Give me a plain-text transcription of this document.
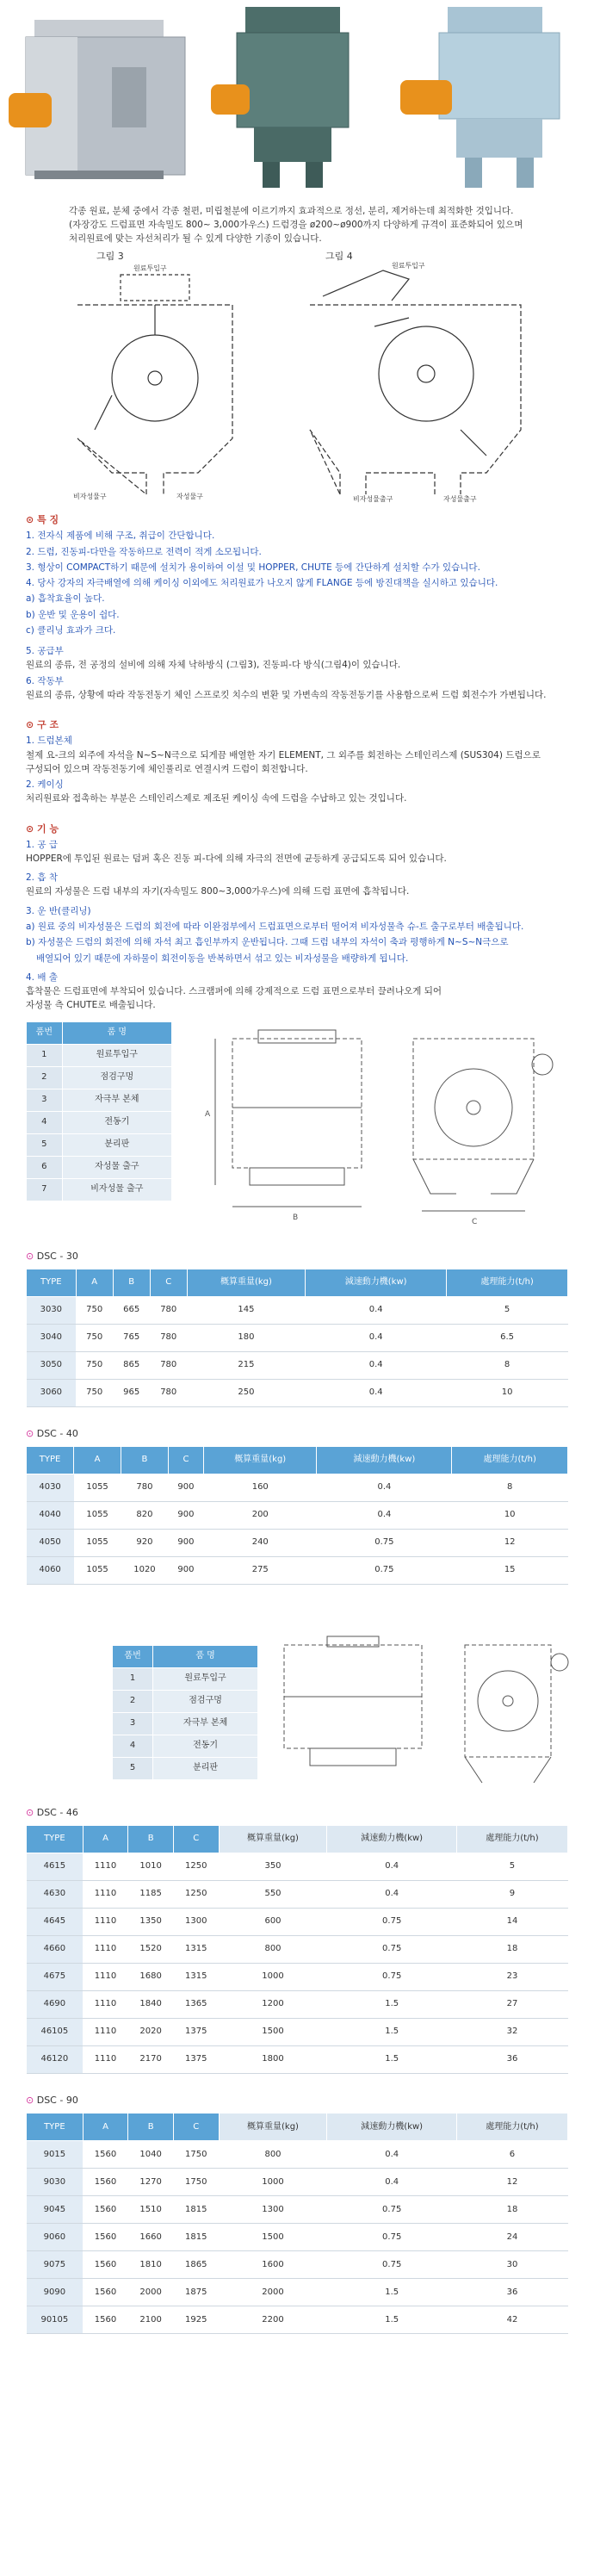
각종 원료, 분체 중에서 각종 철편, 미립철분에 이르기까지 효과적으로 정선, 분리, 제거하는데 최적화한 것입니다.

(자장강도 드럼표면 자속밀도 800~ 3,000가우스) 드럼경을 ø200~ø900까지 다양하게 규격이 표준화되어 있으며

처리원료에 맞는 자선처리가 될 수 있게 다양한 기종이 있습니다.

그림 3	그림 4
원료투입구
비자성물구	자성물구
원료투입구
비자성물출구	자성물출구
⊙ 특 징

1. 전자식 제품에 비해 구조, 취급이 간단합니다.

2. 드럼, 진동피-다만을 작동하므로 전력이 적게 소모됩니다.

3. 형상이 COMPACT하기 때문에 설치가 용이하여 이설 및 HOPPER, CHUTE 등에 간단하게 설치할 수가 있습니다.

4. 당사 강자의 자극배열에 의해 케이싱 이외에도 처리원료가 나오지 않게 FLANGE 등에 방진대책을 실시하고 있습니다.

a) 흡착효율이 높다.

b) 운반 및 운용이 쉽다.

c) 클리닝 효과가 크다.

5. 공급부

원료의 종류, 전 공정의 설비에 의해 자체 낙하방식 (그림3), 진동피-다 방식(그림4)이 있습니다.

6. 작동부

원료의 종류, 상황에 따라 작동전동기 체인 스프로킷 치수의 변환 및 가변속의 작동전동기를 사용함으로써 드럼 회전수가 가변됩니다.

⊙ 구 조

1. 드럼본체

철제 요-크의 외주에 자석을 N~S~N극으로 되게끔 배열한 자기 ELEMENT, 그 외주를 회전하는 스테인리스제 (SUS304) 드럼으로

구성되어 있으며 작동전동기에 체인풀리로 연결시켜 드럼이 회전합니다.

2. 케이싱

처리원료와 접촉하는 부분은 스테인리스제로 제조된 케이싱 속에 드럼을 수납하고 있는 것입니다.

⊙ 기 능

1. 공 급

HOPPER에 투입된 원료는 덤퍼 혹은 진동 피-다에 의해 자극의 전면에 균등하게 공급되도록 되어 있습니다.

2. 흡 착

원료의 자성물은 드럼 내부의 자기(자속밀도 800~3,000가우스)에 의해 드럼 표면에 흡착됩니다.

3. 운 반(클리닝)

a) 원료 중의 비자성물은 드럼의 회전에 따라 이완점부에서 드럼표면으로부터 떨어져 비자성물측 슈-트 출구로부터 배출됩니다.

b) 자성물은 드럼의 회전에 의해 자석 최고 흡인부까지 운반됩니다. 그때 드럼 내부의 자석이 축과 평행하게 N~S~N극으로

배열되어 있기 때문에 자하물이 회전이동을 반복하면서 섞고 있는 비자성물을 배량하게 됩니다.

4. 배 출

흡착물은 드럼표면에 부착되어 있습니다. 스크램퍼에 의해 강제적으로 드럼 표면으로부터 끌려나오게 되어

자성물 측 CHUTE로 배출됩니다.

품번	품 명
1	원료투입구
2	점검구멍
3	자극부 본체
4	전동기
5	분리판
6	자성물 출구
7	비자성물 출구
A
B	C
⊙ DSC - 30
TYPE	A	B	C	概算重量(kg)	減速動力機(kw)	處理能力(t/h)
3030	750	665	780	145	0.4	5
3040	750	765	780	180	0.4	6.5
3050	750	865	780	215	0.4	8
3060	750	965	780	250	0.4	10
⊙ DSC - 40
TYPE	A	B	C	概算重量(kg)	減速動力機(kw)	處理能力(t/h)
4030	1055	780	900	160	0.4	8
4040	1055	820	900	200	0.4	10
4050	1055	920	900	240	0.75	12
4060	1055	1020	900	275	0.75	15
품번	품 명
1	원료투입구
2	점검구멍
3	자극부 본체
4	전동기
5	분리판
⊙ DSC - 46
TYPE	A	B	C	概算重量(kg)	減速動力機(kw)	處理能力(t/h)
4615	1110	1010	1250	350	0.4	5
4630	1110	1185	1250	550	0.4	9
4645	1110	1350	1300	600	0.75	14
4660	1110	1520	1315	800	0.75	18
4675	1110	1680	1315	1000	0.75	23
4690	1110	1840	1365	1200	1.5	27
46105	1110	2020	1375	1500	1.5	32
46120	1110	2170	1375	1800	1.5	36
⊙ DSC - 90
TYPE	A	B	C	概算重量(kg)	減速動力機(kw)	處理能力(t/h)
9015	1560	1040	1750	800	0.4	6
9030	1560	1270	1750	1000	0.4	12
9045	1560	1510	1815	1300	0.75	18
9060	1560	1660	1815	1500	0.75	24
9075	1560	1810	1865	1600	0.75	30
9090	1560	2000	1875	2000	1.5	36
90105	1560	2100	1925	2200	1.5	42
